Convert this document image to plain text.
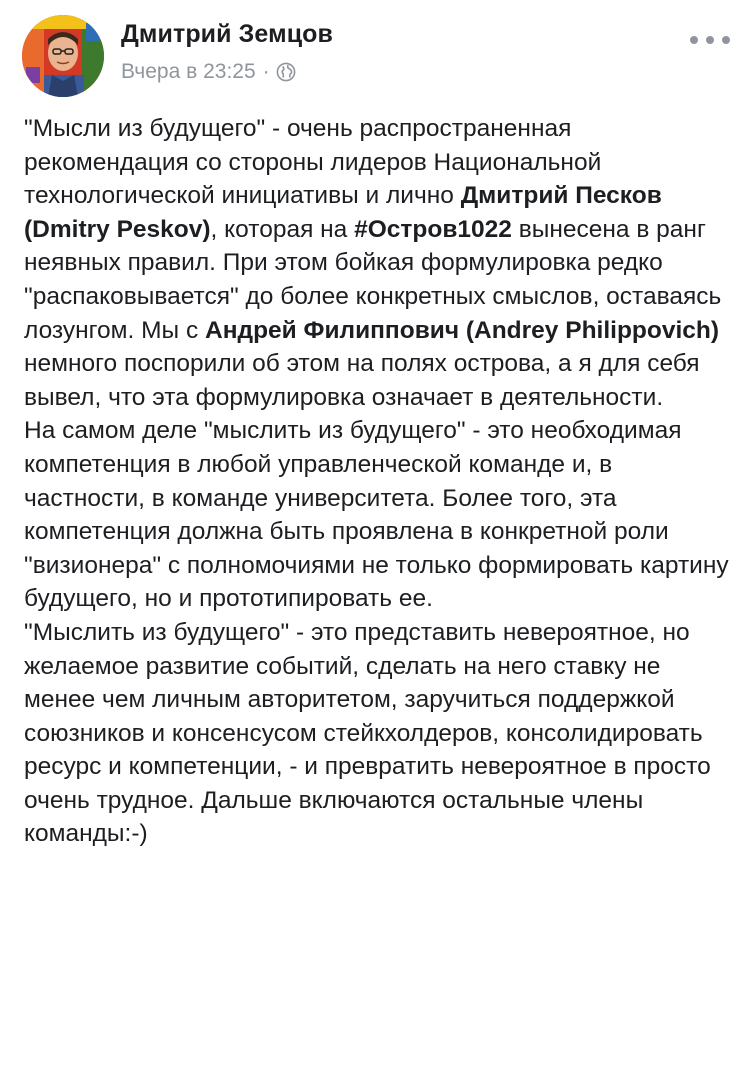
Дмитрий Земцов
Вчера в 23:25 ·

"Мысли из будущего" - очень распространенная рекомендация со стороны лидеров Национальной технологической инициативы и лично Дмитрий Песков (Dmitry Peskov), которая на #Остров1022 вынесена в ранг неявных правил. При этом бойкая формулировка редко "распаковывается" до более конкретных смыслов, оставаясь лозунгом. Мы с Андрей Филиппович (Andrey Philippovich) немного поспорили об этом на полях острова, а я для себя вывел, что эта формулировка означает в деятельности.

На самом деле "мыслить из будущего" - это необходимая компетенция в любой управленческой команде и, в частности, в команде университета. Более того, эта компетенция должна быть проявлена в конкретной роли "визионера" с полномочиями не только формировать картину будущего, но и прототипировать ее.

"Мыслить из будущего" - это представить невероятное, но желаемое развитие событий, сделать на него ставку не менее чем личным авторитетом, заручиться поддержкой союзников и консенсусом стейкхолдеров, консолидировать ресурс и компетенции, - и превратить невероятное в просто очень трудное. Дальше включаются остальные члены команды:-)
